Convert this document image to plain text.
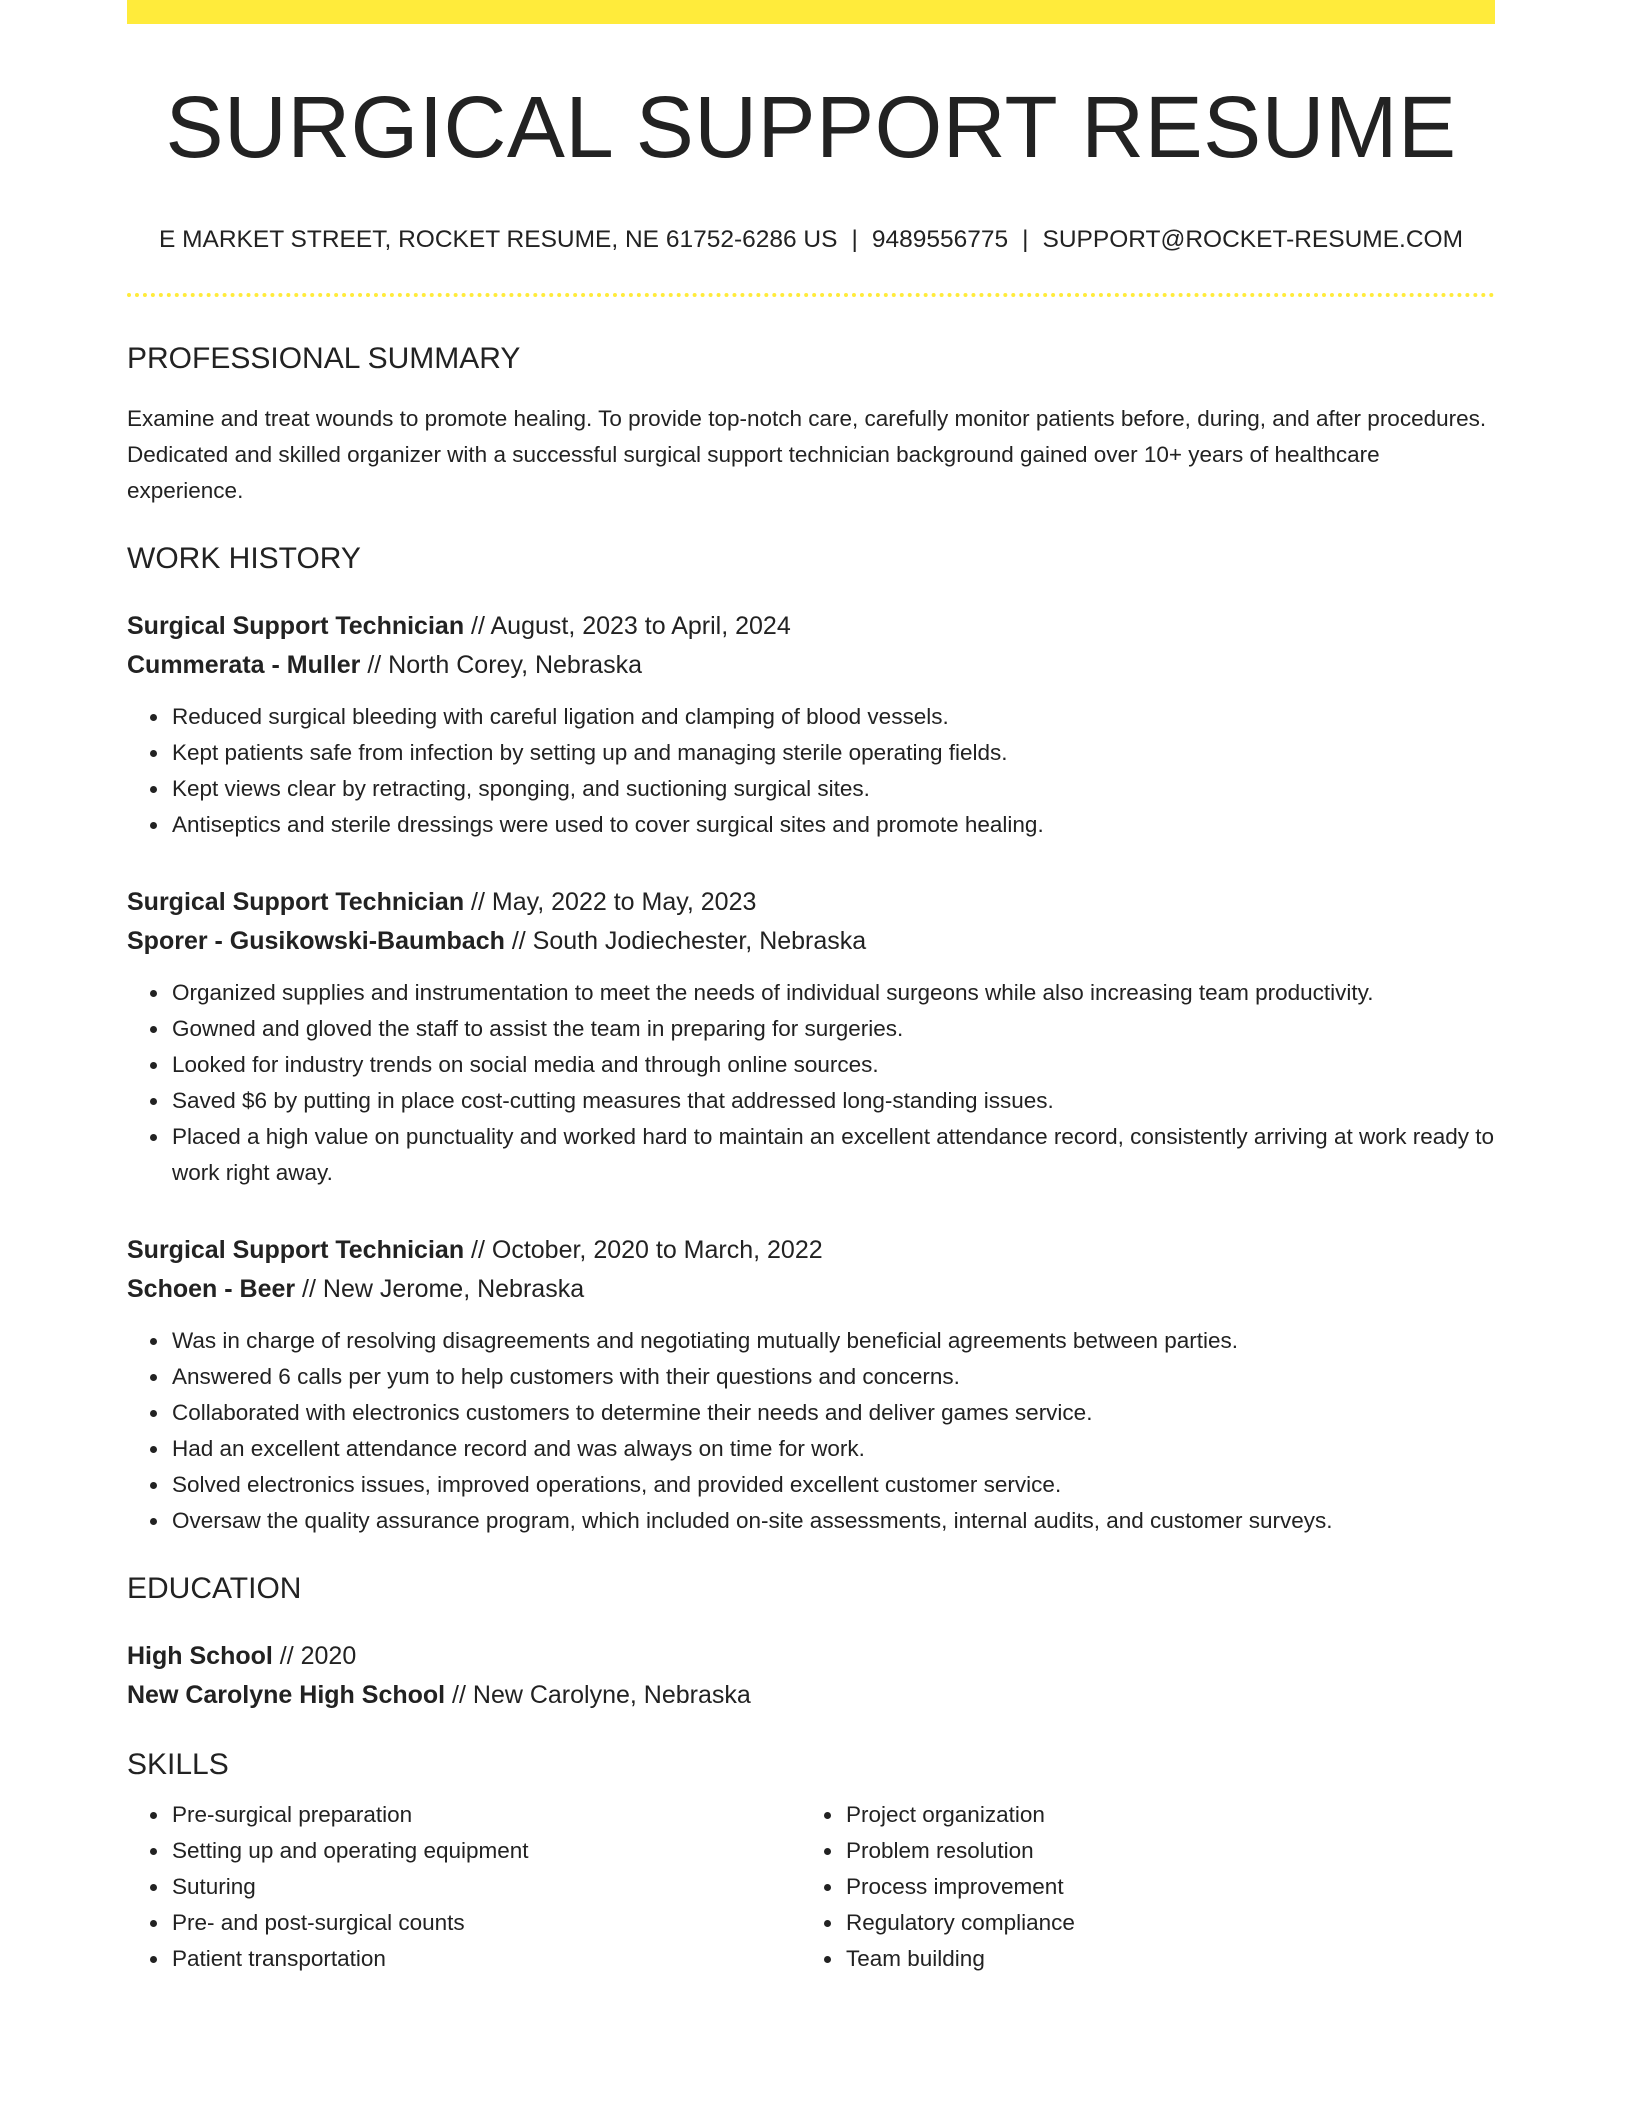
SURGICAL SUPPORT RESUME
E MARKET STREET, ROCKET RESUME, NE 61752-6286 US | 9489556775 | SUPPORT@ROCKET-RESUME.COM
PROFESSIONAL SUMMARY
Examine and treat wounds to promote healing. To provide top-notch care, carefully monitor patients before, during, and after procedures. Dedicated and skilled organizer with a successful surgical support technician background gained over 10+ years of healthcare experience.
WORK HISTORY
Surgical Support Technician // August, 2023 to April, 2024
Cummerata - Muller // North Corey, Nebraska
• Reduced surgical bleeding with careful ligation and clamping of blood vessels.
• Kept patients safe from infection by setting up and managing sterile operating fields.
• Kept views clear by retracting, sponging, and suctioning surgical sites.
• Antiseptics and sterile dressings were used to cover surgical sites and promote healing.
Surgical Support Technician // May, 2022 to May, 2023
Sporer - Gusikowski-Baumbach // South Jodiechester, Nebraska
• Organized supplies and instrumentation to meet the needs of individual surgeons while also increasing team productivity.
• Gowned and gloved the staff to assist the team in preparing for surgeries.
• Looked for industry trends on social media and through online sources.
• Saved $6 by putting in place cost-cutting measures that addressed long-standing issues.
• Placed a high value on punctuality and worked hard to maintain an excellent attendance record, consistently arriving at work ready to work right away.
Surgical Support Technician // October, 2020 to March, 2022
Schoen - Beer // New Jerome, Nebraska
• Was in charge of resolving disagreements and negotiating mutually beneficial agreements between parties.
• Answered 6 calls per yum to help customers with their questions and concerns.
• Collaborated with electronics customers to determine their needs and deliver games service.
• Had an excellent attendance record and was always on time for work.
• Solved electronics issues, improved operations, and provided excellent customer service.
• Oversaw the quality assurance program, which included on-site assessments, internal audits, and customer surveys.
EDUCATION
High School // 2020
New Carolyne High School // New Carolyne, Nebraska
SKILLS
• Pre-surgical preparation
• Setting up and operating equipment
• Suturing
• Pre- and post-surgical counts
• Patient transportation
• Project organization
• Problem resolution
• Process improvement
• Regulatory compliance
• Team building
